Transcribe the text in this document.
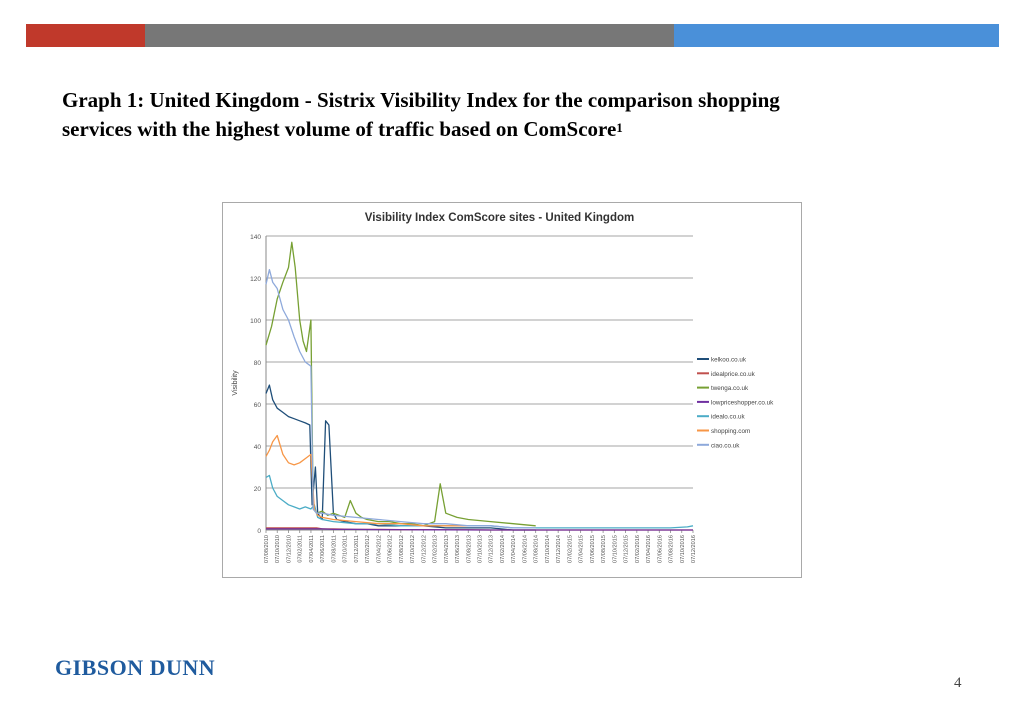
Graph 1: United Kingdom - Sistrix Visibility Index for the comparison shopping
services with the highest volume of traffic based on ComScore$^1$
Visibility Index ComScore sites - United Kingdom
0
20
40
60
80
100
120
140
Visibility
07/08/2010 07/10/2010 07/12/2010 07/02/2011 07/04/2011 07/06/2011 07/08/2011 07/10/2011 07/12/2011 07/02/2012 07/04/2012 07/06/2012 07/08/2012 07/10/2012 07/12/2012 07/02/2013 07/04/2013 07/06/2013 07/08/2013 07/10/2013 07/12/2013 07/02/2014 07/04/2014 07/06/2014 07/08/2014 07/10/2014 07/12/2014 07/02/2015 07/04/2015 07/06/2015 07/08/2015 07/10/2015 07/12/2015 07/02/2016 07/04/2016 07/06/2016 07/08/2016 07/10/2016 07/12/2016
kelkoo.co.uk
idealprice.co.uk
twenga.co.uk
lowpriceshopper.co.uk
idealo.co.uk
shopping.com
ciao.co.uk
GIBSON DUNN
4
